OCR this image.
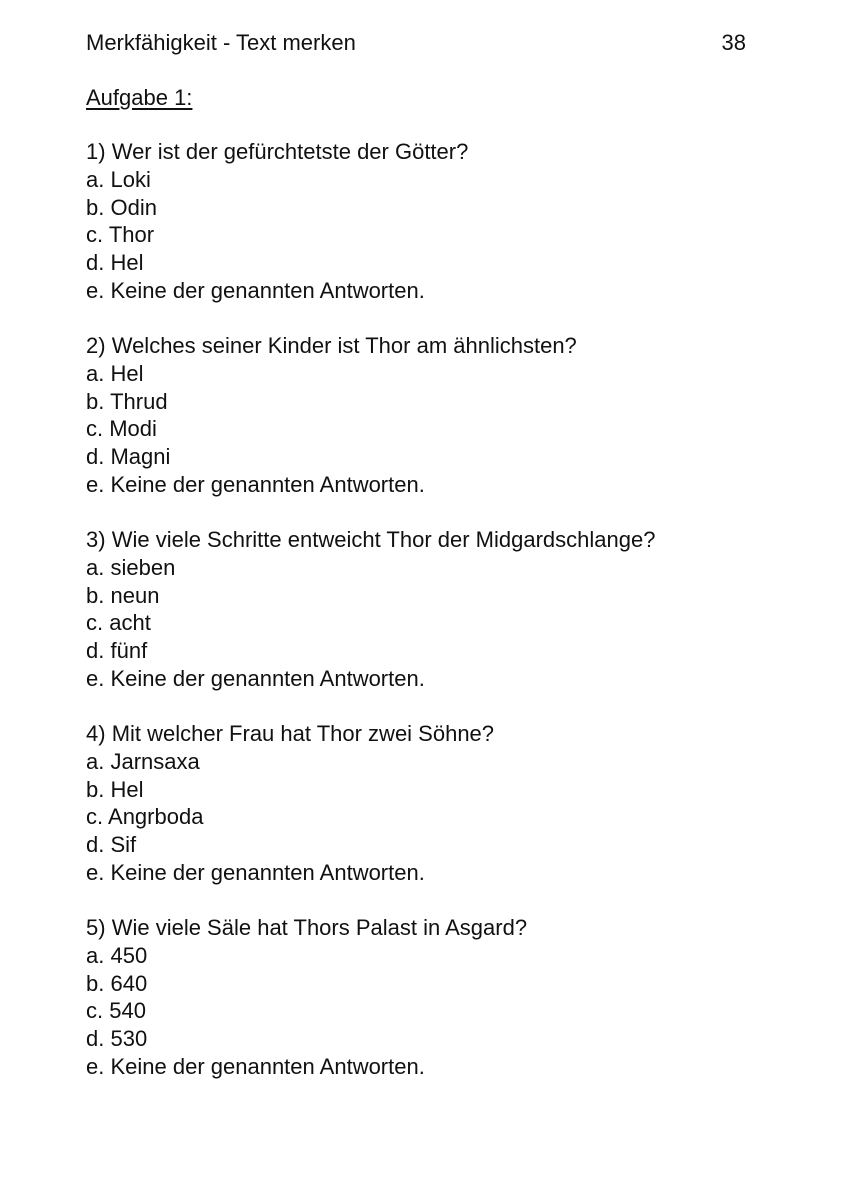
Merkfähigkeit - Text merken	38
Aufgabe 1:
1 ) Wer ist der gefürchtetste der Götter?
a . Loki
b . Odin
c . Thor
d . Hel
e . Keine der genannten Antworten.
2 ) Welches seiner Kinder ist Thor am ähnlichsten?
a . Hel
b . Thrud
c . Modi
d . Magni
e . Keine der genannten Antworten.
3 ) Wie viele Schritte entweicht Thor der Midgardschlange?
a . sieben
b . neun
c . acht
d . fünf
e . Keine der genannten Antworten.
4 ) Mit welcher Frau hat Thor zwei Söhne?
a . Jarnsaxa
b . Hel
c . Angrboda
d . Sif
e . Keine der genannten Antworten.
5 ) Wie viele Säle hat Thors Palast in Asgard?
a . 450
b . 640
c . 540
d . 530
e . Keine der genannten Antworten.
